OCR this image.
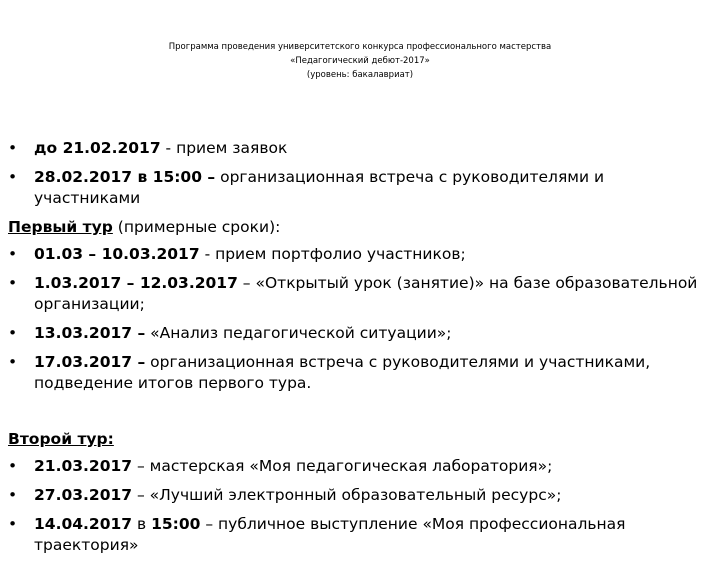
Программа проведения университетского конкурса профессионального мастерства
«Педагогический дебют-2017»
(уровень: бакалавриат)
•	до 21.02.2017 - прием заявок
•	28.02.2017 в 15:00 – организационная встреча с руководителями и участниками
Первый тур (примерные сроки):
•	01.03 – 10.03.2017 - прием портфолио участников;
•	1.03.2017 – 12.03.2017 – «Открытый урок (занятие)» на базе образовательной организации;
•	13.03.2017 – «Анализ педагогической ситуации»;
•	17.03.2017 – организационная встреча с руководителями и участниками, подведение итогов первого тура.
Второй тур:
•	21.03.2017 – мастерская «Моя педагогическая лаборатория»;
•	27.03.2017 – «Лучший электронный образовательный ресурс»;
•	14.04.2017 в 15:00 – публичное выступление «Моя профессиональная траектория»
